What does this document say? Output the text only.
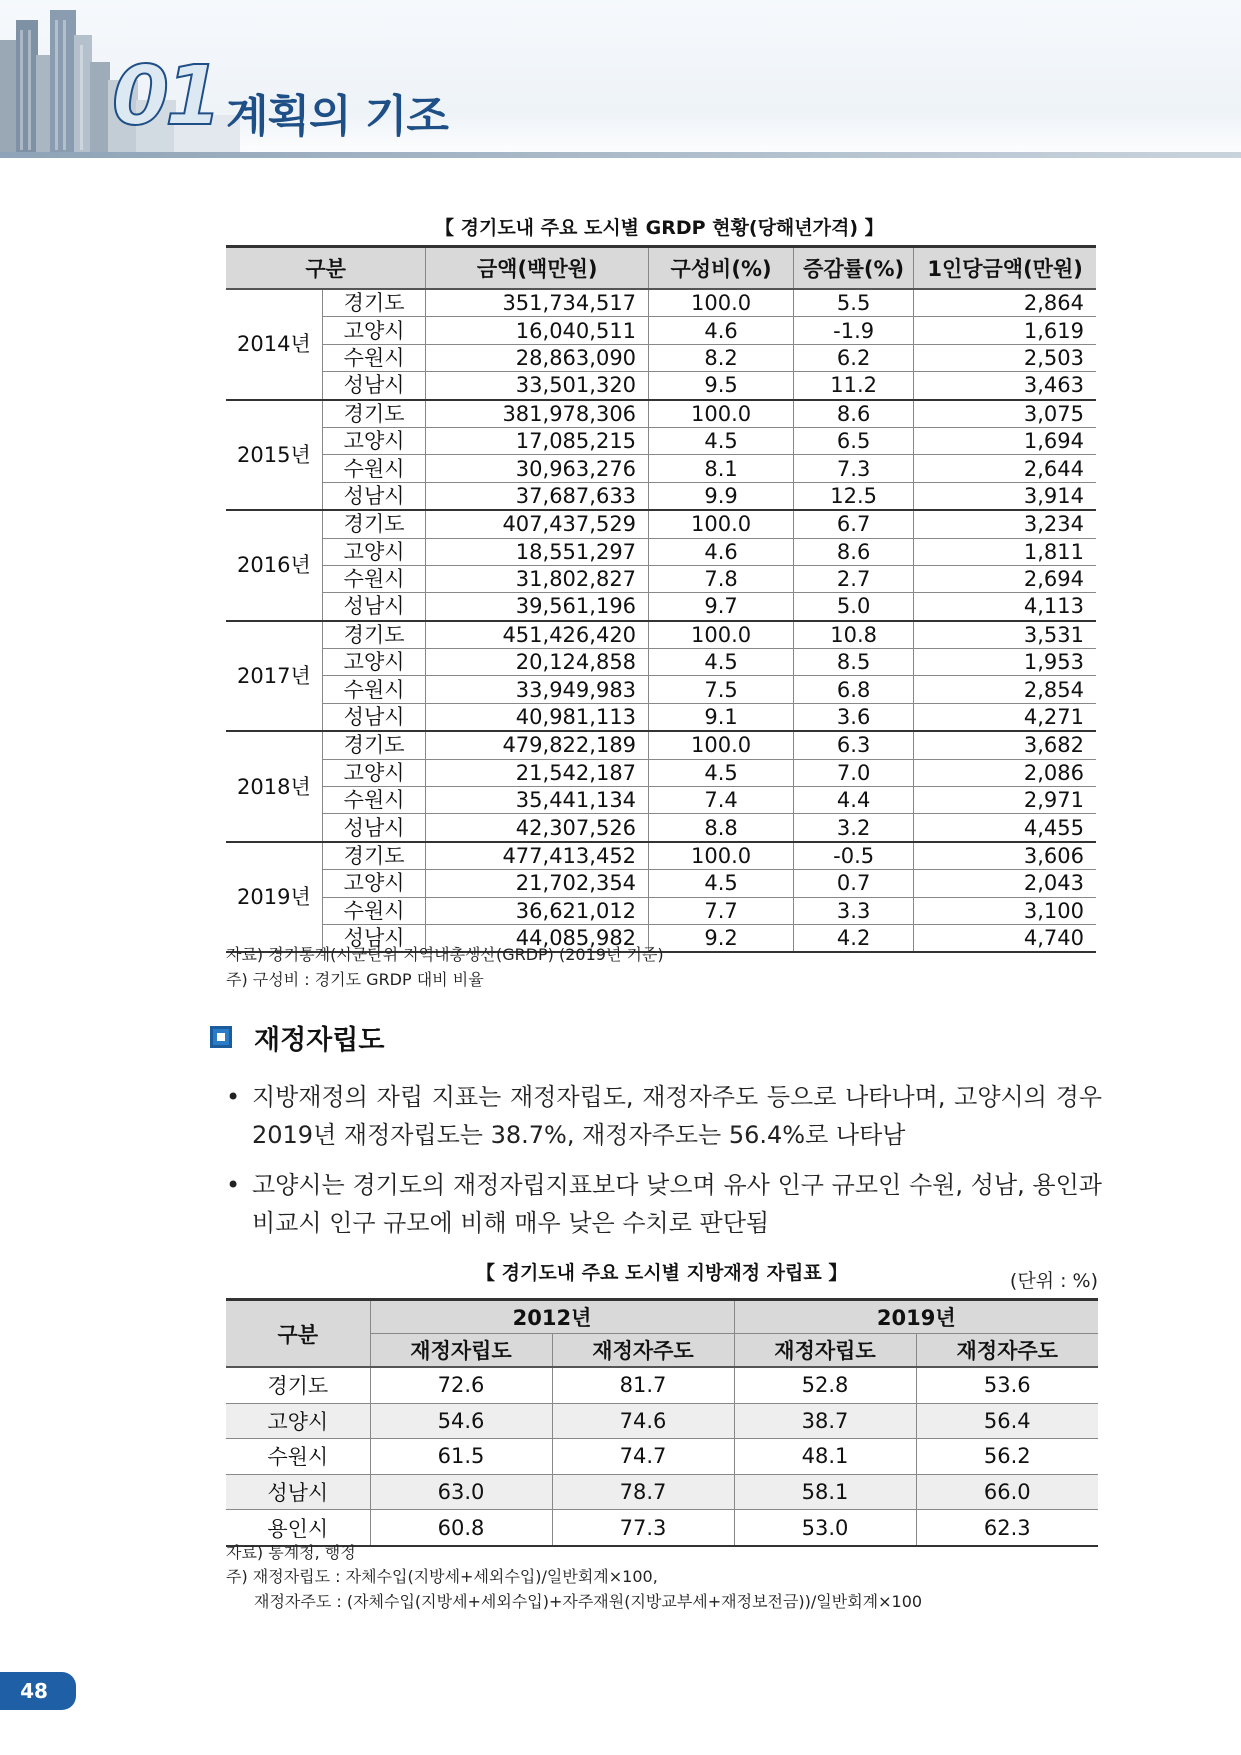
01 계획의 기조
【 경기도내 주요 도시별 GRDP 현황(당해년가격) 】
구분		금액(백만원)	구성비(%)	증감률(%)	1인당금액(만원)
2014년	경기도	351,734,517	100.0	5.5	2,864
	고양시	16,040,511	4.6	-1.9	1,619
	수원시	28,863,090	8.2	6.2	2,503
	성남시	33,501,320	9.5	11.2	3,463
2015년	경기도	381,978,306	100.0	8.6	3,075
	고양시	17,085,215	4.5	6.5	1,694
	수원시	30,963,276	8.1	7.3	2,644
	성남시	37,687,633	9.9	12.5	3,914
2016년	경기도	407,437,529	100.0	6.7	3,234
	고양시	18,551,297	4.6	8.6	1,811
	수원시	31,802,827	7.8	2.7	2,694
	성남시	39,561,196	9.7	5.0	4,113
2017년	경기도	451,426,420	100.0	10.8	3,531
	고양시	20,124,858	4.5	8.5	1,953
	수원시	33,949,983	7.5	6.8	2,854
	성남시	40,981,113	9.1	3.6	4,271
2018년	경기도	479,822,189	100.0	6.3	3,682
	고양시	21,542,187	4.5	7.0	2,086
	수원시	35,441,134	7.4	4.4	2,971
	성남시	42,307,526	8.8	3.2	4,455
2019년	경기도	477,413,452	100.0	-0.5	3,606
	고양시	21,702,354	4.5	0.7	2,043
	수원시	36,621,012	7.7	3.3	3,100
	성남시	44,085,982	9.2	4.2	4,740
자료) 경기통계(시군단위 지역내총생산(GRDP) (2019년 기준)
주) 구성비 : 경기도 GRDP 대비 비율
재정자립도
• 지방재정의 자립 지표는 재정자립도, 재정자주도 등으로 나타나며, 고양시의 경우 2019년 재정자립도는 38.7%, 재정자주도는 56.4%로 나타남
• 고양시는 경기도의 재정자립지표보다 낮으며 유사 인구 규모인 수원, 성남, 용인과 비교시 인구 규모에 비해 매우 낮은 수치로 판단됨
【 경기도내 주요 도시별 지방재정 자립표 】	(단위 : %)
구분	2012년		2019년	
	재정자립도	재정자주도	재정자립도	재정자주도
경기도	72.6	81.7	52.8	53.6
고양시	54.6	74.6	38.7	56.4
수원시	61.5	74.7	48.1	56.2
성남시	63.0	78.7	58.1	66.0
용인시	60.8	77.3	53.0	62.3
자료) 통계청, 행정
주) 재정자립도 : 자체수입(지방세+세외수입)/일반회계×100,
재정자주도 : (자체수입(지방세+세외수입)+자주재원(지방교부세+재정보전금))/일반회계×100
48
